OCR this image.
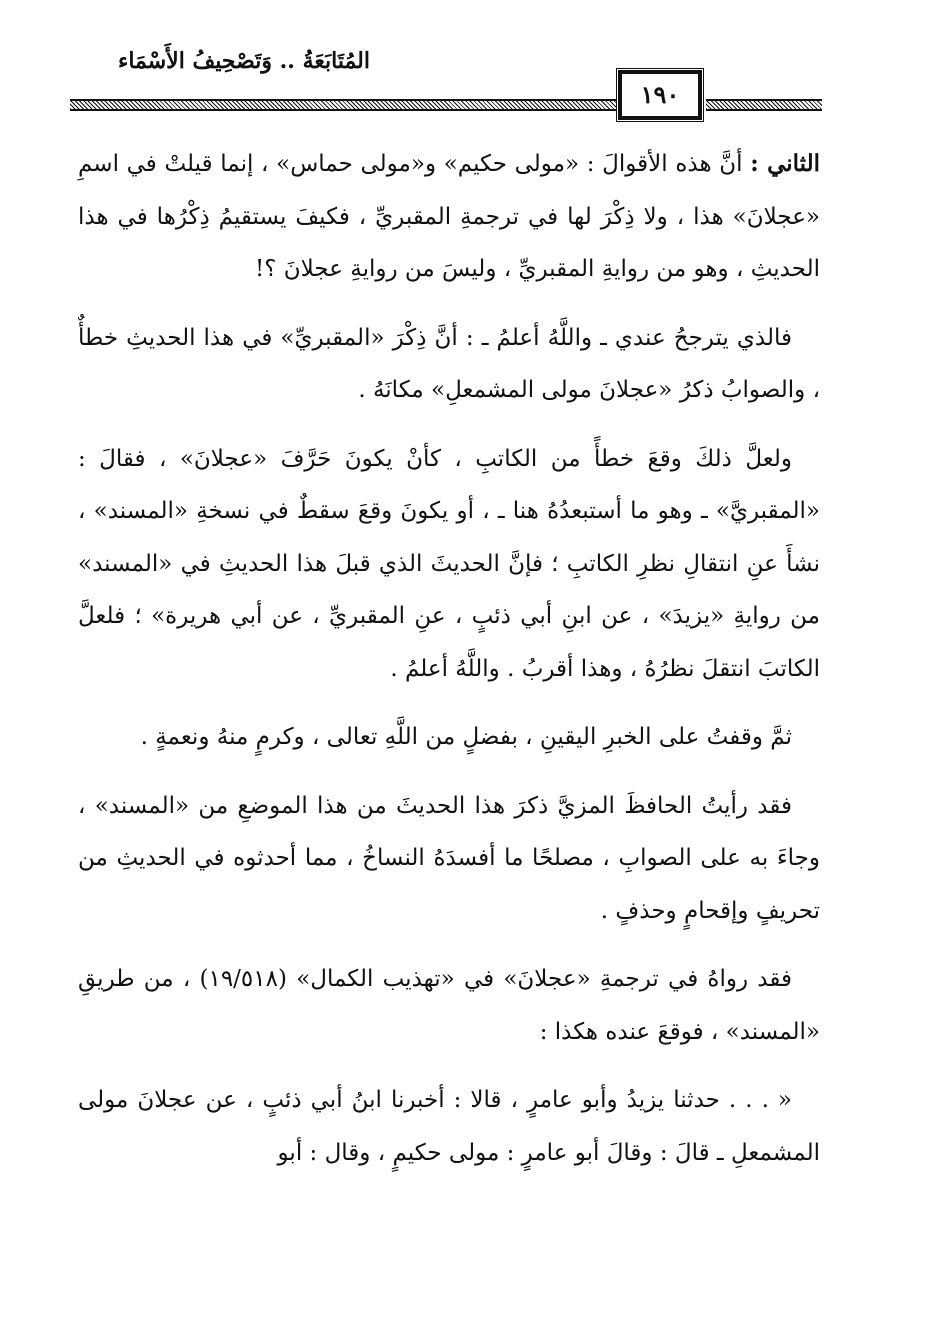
المُتَابَعَةُ .. وَتَصْحِيفُ الأَسْمَاء
١٩٠

الثاني : أنَّ هذه الأقوالَ : «مولى حكيم» و«مولى حماس» ، إنما قيلتْ في اسمِ «عجلانَ» هذا ، ولا ذِكْرَ لها في ترجمةِ المقبريِّ ، فكيفَ يستقيمُ ذِكْرُها في هذا الحديثِ ، وهو من روايةِ المقبريِّ ، وليسَ من روايةِ عجلانَ ؟!

فالذي يترجحُ عندي ـ واللَّهُ أعلمُ ـ : أنَّ ذِكْرَ «المقبريِّ» في هذا الحديثِ خطأٌ ، والصوابُ ذكرُ «عجلانَ مولى المشمعلِ» مكانَهُ .

ولعلَّ ذلكَ وقعَ خطأً من الكاتبِ ، كأنْ يكونَ حَرَّفَ «عجلانَ» ، فقالَ : «المقبريَّ» ـ وهو ما أستبعدُهُ هنا ـ ، أو يكونَ وقعَ سقطٌ في نسخةِ «المسند» ، نشأَ عنِ انتقالِ نظرِ الكاتبِ ؛ فإنَّ الحديثَ الذي قبلَ هذا الحديثِ في «المسند» من روايةِ «يزيدَ» ، عن ابنِ أبي ذئبٍ ، عنِ المقبريِّ ، عن أبي هريرة» ؛ فلعلَّ الكاتبَ انتقلَ نظرُهُ ، وهذا أقربُ . واللَّهُ أعلمُ .

ثمَّ وقفتُ على الخبرِ اليقينِ ، بفضلٍ من اللَّهِ تعالى ، وكرمٍ منهُ ونعمةٍ .

فقد رأيتُ الحافظَ المزيَّ ذكرَ هذا الحديثَ من هذا الموضعِ من «المسند» ، وجاءَ به على الصوابِ ، مصلحًا ما أفسدَهُ النساخُ ، مما أحدثوه في الحديثِ من تحريفٍ وإقحامٍ وحذفٍ .

فقد رواهُ في ترجمةِ «عجلانَ» في «تهذيب الكمال» (١٩/٥١٨) ، من طريقِ «المسند» ، فوقعَ عنده هكذا :

« . . . حدثنا يزيدُ وأبو عامرٍ ، قالا : أخبرنا ابنُ أبي ذئبٍ ، عن عجلانَ مولى المشمعلِ ـ قالَ : وقالَ أبو عامرٍ : مولى حكيمٍ ، وقال : أبو
